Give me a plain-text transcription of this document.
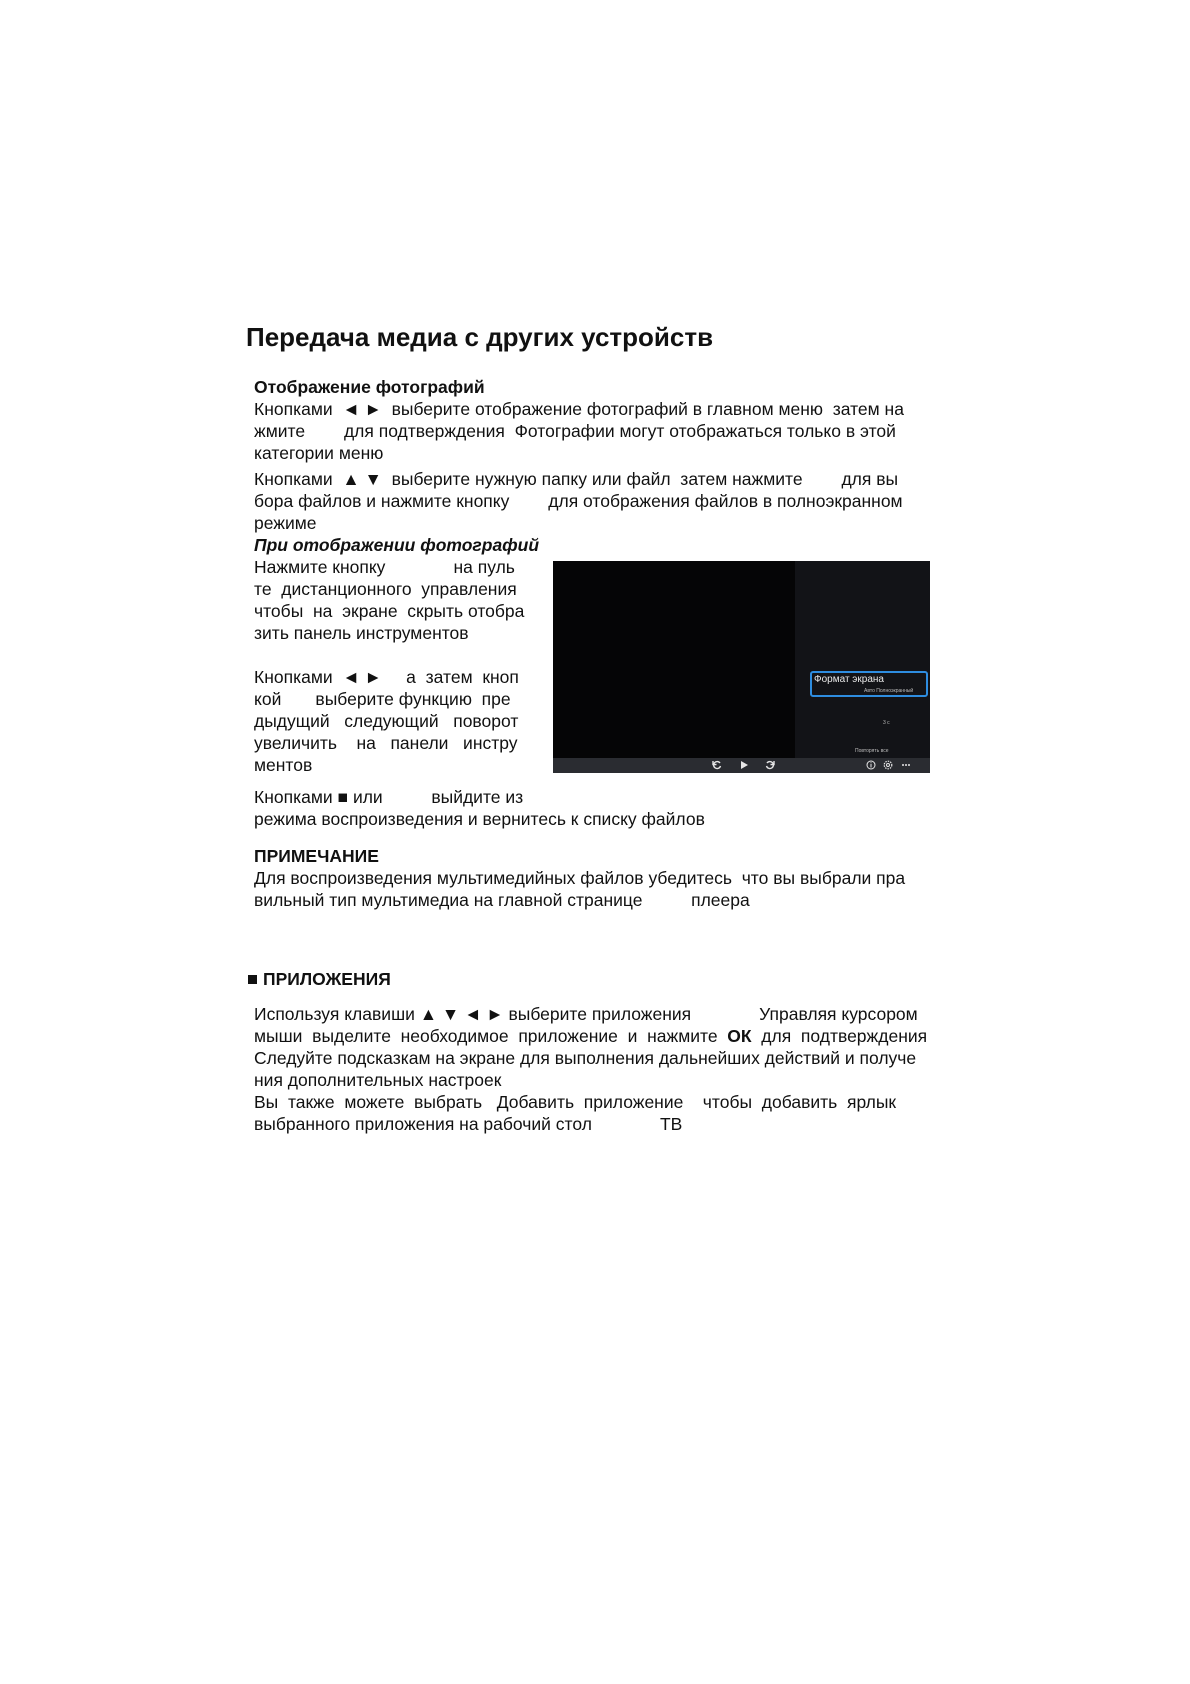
Передача медиа с других устройств
Отображение фотографий
Кнопками  ◄ ►  выберите отображение фотографий в главном меню  затем на
жмите        для подтверждения  Фотографии могут отображаться только в этой
категории меню
Кнопками  ▲ ▼  выберите нужную папку или файл  затем нажмите        для вы
бора файлов и нажмите кнопку        для отображения файлов в полноэкранном
режиме
При отображении фотографий
Нажмите кнопку              на пуль
те  дистанционного  управления
чтобы  на  экране  скрыть отобра
зить панель инструментов
Кнопками  ◄ ►     а  затем  кноп
кой       выберите функцию  пре
дыдущий   следующий   поворот
увеличить    на   панели   инстру
ментов
Кнопками ■ или          выйдите из
режима воспроизведения и вернитесь к списку файлов
Формат экрана
Авто Полноэкранный
3 с
Повторять все
ПРИМЕЧАНИЕ
Для воспроизведения мультимедийных файлов убедитесь  что вы выбрали пра
вильный тип мультимедиа на главной странице          плеера
ПРИЛОЖЕНИЯ
Используя клавиши ▲ ▼ ◄ ► выберите приложения              Управляя курсором
мыши  выделите  необходимое  приложение  и  нажмите  ОК  для  подтверждения
Следуйте подсказкам на экране для выполнения дальнейших действий и получе
ния дополнительных настроек
Вы  также  можете  выбрать   Добавить  приложение    чтобы  добавить  ярлык
выбранного приложения на рабочий стол              ТВ
